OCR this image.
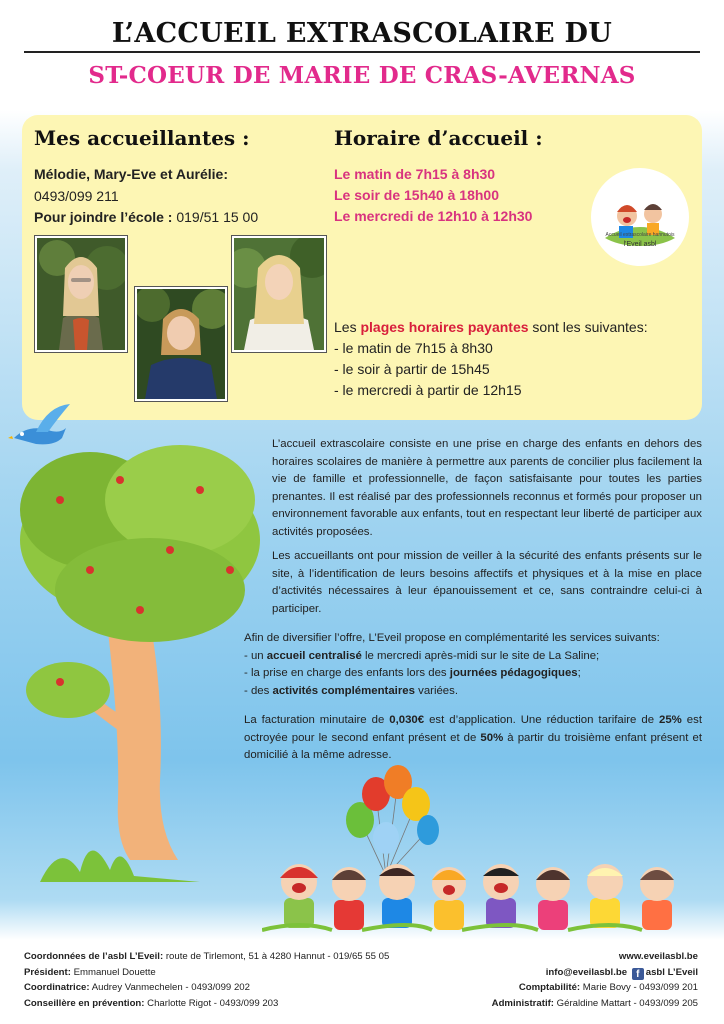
L’ACCUEIL EXTRASCOLAIRE DU
ST-COEUR DE MARIE DE CRAS-AVERNAS
Mes accueillantes :	Horaire d’accueil :
Mélodie, Mary-Eve et Aurélie:
0493/099 211
Pour joindre l’école : 019/51 15 00
Le matin de 7h15 à 8h30
Le soir de 15h40 à 18h00
Le mercredi de 12h10 à 12h30
Accueil extrascolaire hannutois
l'Eveil asbl
Les plages horaires payantes sont les suivantes:
- le matin de 7h15 à 8h30
- le soir à partir de 15h45
- le mercredi à partir de 12h15
L’accueil extrascolaire consiste en une prise en charge des enfants en dehors des horaires scolaires de manière à permettre aux parents de concilier plus facilement la vie de famille et professionnelle, de façon satisfaisante pour toutes les parties prenantes. Il est réalisé par des professionnels reconnus et formés pour proposer un environnement favorable aux enfants, tout en respectant leur liberté de participer aux activités proposées.
Les accueillants ont pour mission de veiller à la sécurité des enfants présents sur le site, à l’identification de leurs besoins affectifs et physiques et à la mise en place d’activités nécessaires à leur épanouissement et ce, sans contraindre celui-ci à participer.
Afin de diversifier l’offre, L’Eveil propose en complémentarité les services suivants:
- un accueil centralisé le mercredi après-midi sur le site de La Saline;
- la prise en charge des enfants lors des journées pédagogiques;
- des activités complémentaires variées.
La facturation minutaire de 0,030€ est d’application. Une réduction tarifaire de 25% est octroyée pour le second enfant présent et de 50% à partir du troisième enfant présent et domicilié à la même adresse.
Coordonnées de l’asbl L’Eveil: route de Tirlemont, 51 à 4280 Hannut - 019/65 55 05
Président: Emmanuel Douette
Coordinatrice: Audrey Vanmechelen - 0493/099 202
Conseillère en prévention: Charlotte Rigot - 0493/099 203
www.eveilasbl.be
info@eveilasbl.be f asbl L’Eveil
Comptabilité: Marie Bovy - 0493/099 201
Administratif: Géraldine Mattart - 0493/099 205
